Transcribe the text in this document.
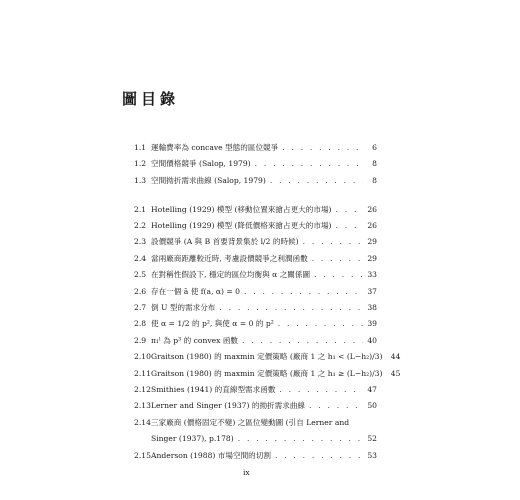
圖目錄
1.1 運輸費率為 concave 型態的區位競爭 . . .	6
1.2 空間價格競爭 (Salop, 1979) . . .	8
1.3 空間拗折需求曲線 (Salop, 1979) . . .	8
2.1 Hotelling (1929) 模型 (移動位置來搶占更大的市場) . . .	26
2.2 Hotelling (1929) 模型 (降低價格來搶占更大的市場) . . .	26
2.3 設價競爭 (A 與 B 首要背景集於 l/2 的時候) . . .	29
2.4 當兩廠商距離較近時, 考慮設價競爭之利潤函數 . . .	29
2.5 在對稱性假設下, 穩定的區位均衡與 α 之關係圖 . . .	33
2.6 存在一個 ā 使 f(a, α) = 0 . . .	37
2.7 倒 U 型的需求分布 . . .	38
2.8 使 α = 1/2 的 p², 與使 α = 0 的 p² . . .	39
2.9 π₁ˡ 為 p³ 的 convex 函數 . . .	40
2.10 Graitson (1980) 的 maxmin 定價策略 (廠商 1 之 h₁ < (L−h₂)/3) 44
2.11 Graitson (1980) 的 maxmin 定價策略 (廠商 1 之 h₁ ≥ (L−h₂)/3) 45
2.12 Smithies (1941) 的直線型需求函數 . . .	47
2.13 Lerner and Singer (1937) 的拗折需求曲線 . . .	50
2.14 三家廠商 (價格固定不變) 之區位變動圖 (引自 Lerner and
Singer (1937), p.178) . . .	52
2.15 Anderson (1988) 市場空間的切割 . . .	53
ix
